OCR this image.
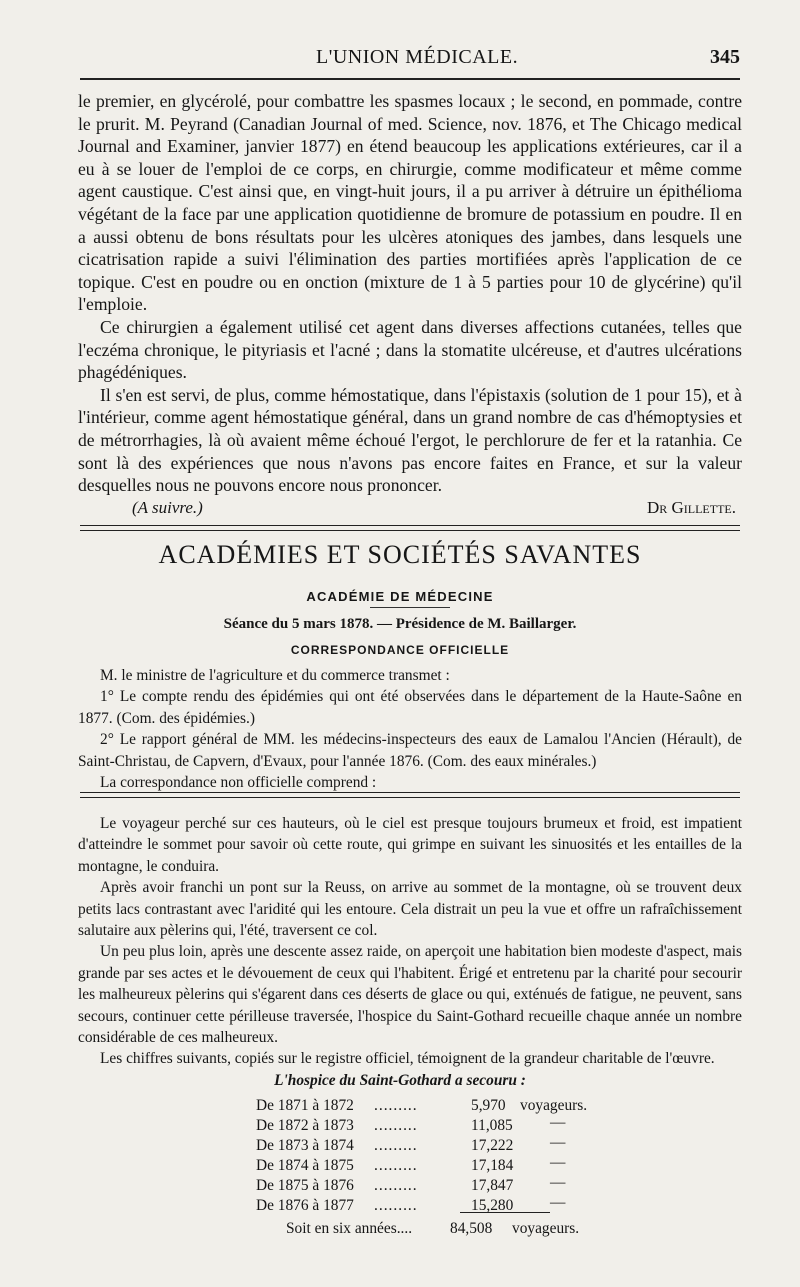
L'UNION MÉDICALE.	345

le premier, en glycérolé, pour combattre les spasmes locaux ; le second, en pommade, contre le prurit. M. Peyrand (Canadian Journal of med. Science, nov. 1876, et The Chicago medical Journal and Examiner, janvier 1877) en étend beaucoup les applications extérieures, car il a eu à se louer de l'emploi de ce corps, en chirurgie, comme modificateur et même comme agent caustique. C'est ainsi que, en vingt-huit jours, il a pu arriver à détruire un épithélioma végétant de la face par une application quotidienne de bromure de potassium en poudre. Il en a aussi obtenu de bons résultats pour les ulcères atoniques des jambes, dans lesquels une cicatrisation rapide a suivi l'élimination des parties mortifiées après l'application de ce topique. C'est en poudre ou en onction (mixture de 1 à 5 parties pour 10 de glycérine) qu'il l'emploie.

Ce chirurgien a également utilisé cet agent dans diverses affections cutanées, telles que l'eczéma chronique, le pityriasis et l'acné ; dans la stomatite ulcéreuse, et d'autres ulcérations phagédéniques.

Il s'en est servi, de plus, comme hémostatique, dans l'épistaxis (solution de 1 pour 15), et à l'intérieur, comme agent hémostatique général, dans un grand nombre de cas d'hémoptysies et de métrorrhagies, là où avaient même échoué l'ergot, le perchlorure de fer et la ratanhia. Ce sont là des expériences que nous n'avons pas encore faites en France, et sur la valeur desquelles nous ne pouvons encore nous prononcer.

(A suivre.)	Dr Gillette.
ACADÉMIES ET SOCIÉTÉS SAVANTES
ACADÉMIE DE MÉDECINE
Séance du 5 mars 1878. — Présidence de M. Baillarger.
CORRESPONDANCE OFFICIELLE

M. le ministre de l'agriculture et du commerce transmet :

1° Le compte rendu des épidémies qui ont été observées dans le département de la Haute-Saône en 1877. (Com. des épidémies.)

2° Le rapport général de MM. les médecins-inspecteurs des eaux de Lamalou l'Ancien (Hérault), de Saint-Christau, de Capvern, d'Evaux, pour l'année 1876. (Com. des eaux minérales.)

La correspondance non officielle comprend :

Le voyageur perché sur ces hauteurs, où le ciel est presque toujours brumeux et froid, est impatient d'atteindre le sommet pour savoir où cette route, qui grimpe en suivant les sinuosités et les entailles de la montagne, le conduira.

Après avoir franchi un pont sur la Reuss, on arrive au sommet de la montagne, où se trouvent deux petits lacs contrastant avec l'aridité qui les entoure. Cela distrait un peu la vue et offre un rafraîchissement salutaire aux pèlerins qui, l'été, traversent ce col.

Un peu plus loin, après une descente assez raide, on aperçoit une habitation bien modeste d'aspect, mais grande par ses actes et le dévouement de ceux qui l'habitent. Érigé et entretenu par la charité pour secourir les malheureux pèlerins qui s'égarent dans ces déserts de glace ou qui, exténués de fatigue, ne peuvent, sans secours, continuer cette périlleuse traversée, l'hospice du Saint-Gothard recueille chaque année un nombre considérable de ces malheureux.

Les chiffres suivants, copiés sur le registre officiel, témoignent de la grandeur charitable de l'œuvre.

L'hospice du Saint-Gothard a secouru :
De 1871 à 1872 .........	5,970 voyageurs.
De 1872 à 1873 .........	11,085 —
De 1873 à 1874 .........	17,222 —
De 1874 à 1875 .........	17,184 —
De 1875 à 1876 .........	17,847 —
De 1876 à 1877 .........	15,280 —
Soit en six années.... 84,508 voyageurs.
